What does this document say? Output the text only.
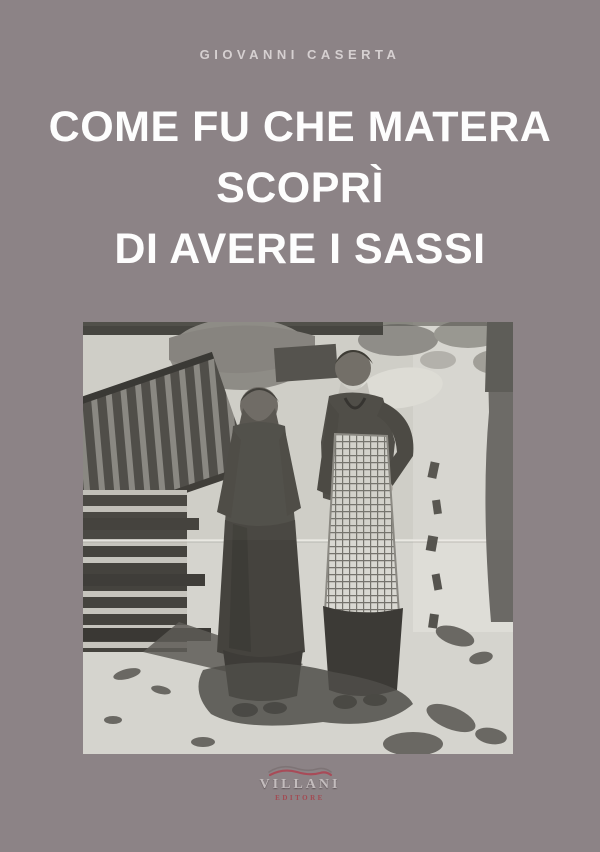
GIOVANNI CASERTA
COME FU CHE MATERA
SCOPRÌ
DI AVERE I SASSI
VILLANI
EDITORE
